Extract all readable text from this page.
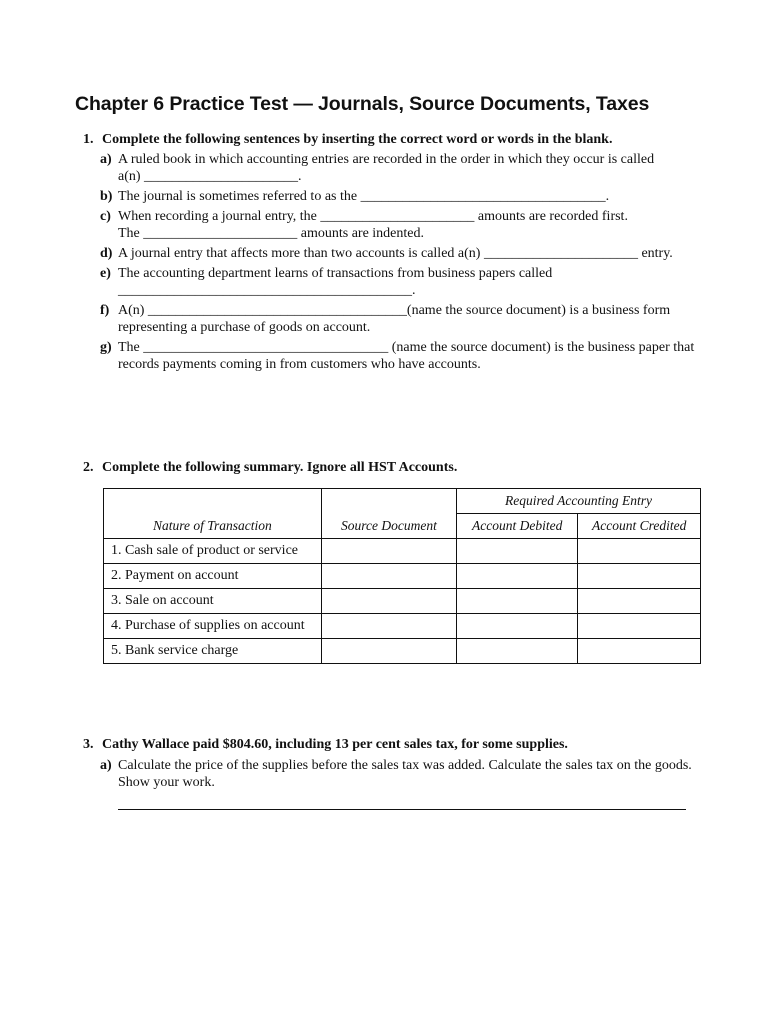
Chapter 6 Practice Test — Journals, Source Documents, Taxes
1. Complete the following sentences by inserting the correct word or words in the blank.
a) A ruled book in which accounting entries are recorded in the order in which they occur is called
a(n) ______________________.
b) The journal is sometimes referred to as the ___________________________________.
c) When recording a journal entry, the ______________________ amounts are recorded first.
The ______________________ amounts are indented.
d) A journal entry that affects more than two accounts is called a(n) ______________________ entry.
e) The accounting department learns of transactions from business papers called
__________________________________________.
f) A(n) _____________________________________(name the source document) is a business form
representing a purchase of goods on account.
g) The ___________________________________ (name the source document) is the business paper that
records payments coming in from customers who have accounts.
2. Complete the following summary. Ignore all HST Accounts.
Nature of Transaction	Source Document	Required Accounting Entry	
		Account Debited	Account Credited
1. Cash sale of product or service			
2. Payment on account			
3. Sale on account			
4. Purchase of supplies on account			
5. Bank service charge			
3. Cathy Wallace paid $804.60, including 13 per cent sales tax, for some supplies.
a) Calculate the price of the supplies before the sales tax was added. Calculate the sales tax on the goods.
Show your work.
